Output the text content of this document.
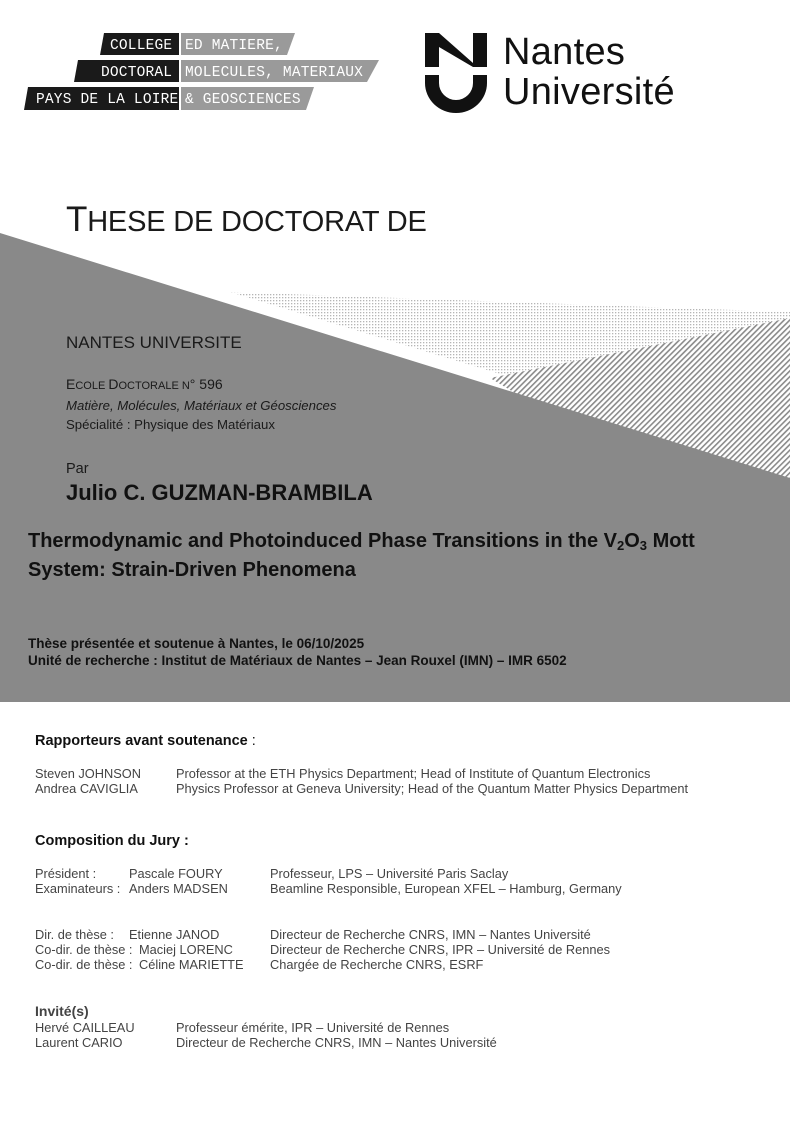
COLLEGE
DOCTORAL
PAYS DE LA LOIRE
ED MATIERE,
MOLECULES, MATERIAUX
& GEOSCIENCES
Nantes
Université
THESE DE DOCTORAT DE
NANTES UNIVERSITE
ECOLE DOCTORALE N° 596
Matière, Molécules, Matériaux et Géosciences
Spécialité : Physique des Matériaux
Par
Julio C. GUZMAN-BRAMBILA
Thermodynamic and Photoinduced Phase Transitions in the $V_2O_3$ Mott System: Strain-Driven Phenomena
Thèse présentée et soutenue à Nantes, le 06/10/2025
Unité de recherche : Institut de Matériaux de Nantes – Jean Rouxel (IMN) – IMR 6502
Rapporteurs avant soutenance :
Steven JOHNSON	Professor at the ETH Physics Department; Head of Institute of Quantum Electronics
Andrea CAVIGLIA	Physics Professor at Geneva University; Head of the Quantum Matter Physics Department
Composition du Jury :
Président :	Pascale FOURY	Professeur, LPS – Université Paris Saclay
Examinateurs : Anders MADSEN	Beamline Responsible, European XFEL – Hamburg, Germany
Dir. de thèse : Etienne JANOD	Directeur de Recherche CNRS, IMN – Nantes Université
Co-dir. de thèse : Maciej LORENC	Directeur de Recherche CNRS, IPR – Université de Rennes
Co-dir. de thèse : Céline MARIETTE Chargée de Recherche CNRS, ESRF
Invité(s)
Hervé CAILLEAU	Professeur émérite, IPR – Université de Rennes
Laurent CARIO	Directeur de Recherche CNRS, IMN – Nantes Université
